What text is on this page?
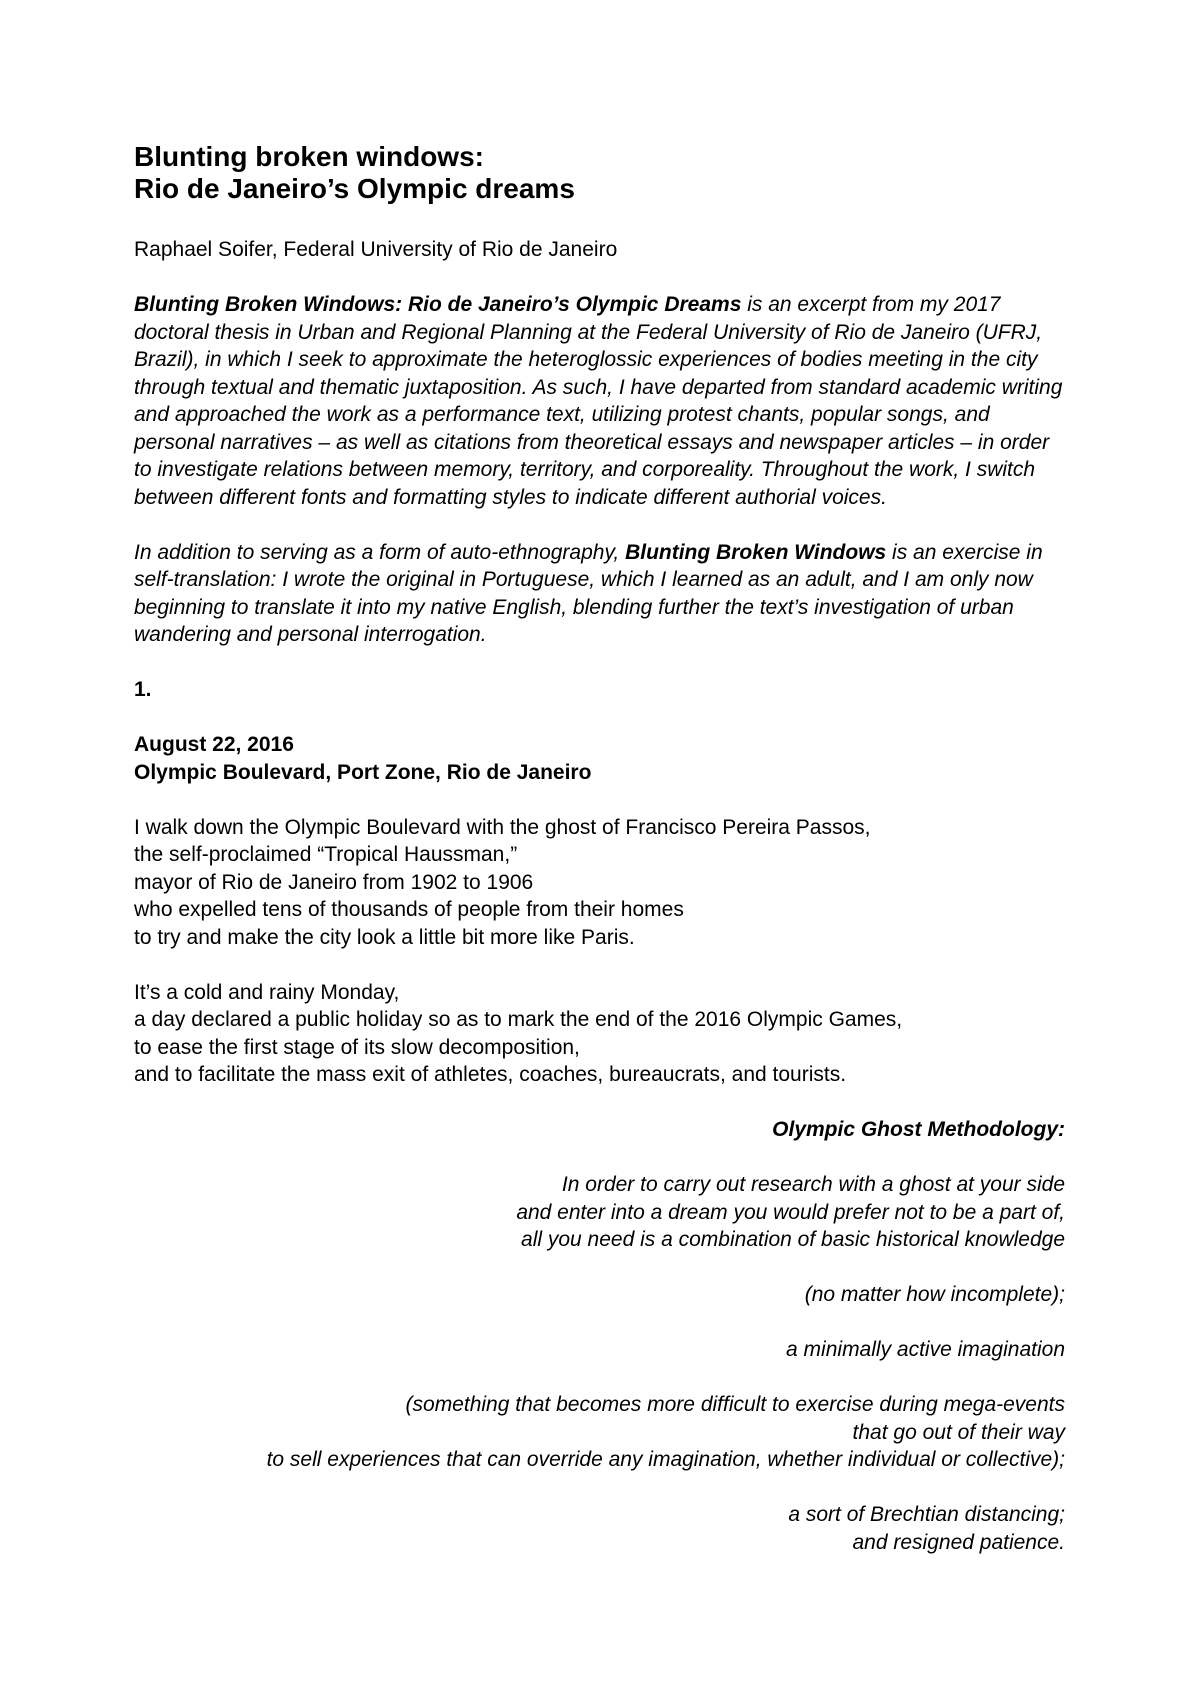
Blunting broken windows:
Rio de Janeiro’s Olympic dreams
Raphael Soifer, Federal University of Rio de Janeiro
Blunting Broken Windows: Rio de Janeiro’s Olympic Dreams is an excerpt from my 2017 doctoral thesis in Urban and Regional Planning at the Federal University of Rio de Janeiro (UFRJ, Brazil), in which I seek to approximate the heteroglossic experiences of bodies meeting in the city through textual and thematic juxtaposition. As such, I have departed from standard academic writing and approached the work as a performance text, utilizing protest chants, popular songs, and personal narratives – as well as citations from theoretical essays and newspaper articles – in order to investigate relations between memory, territory, and corporeality. Throughout the work, I switch between different fonts and formatting styles to indicate different authorial voices.
In addition to serving as a form of auto-ethnography, Blunting Broken Windows is an exercise in self-translation: I wrote the original in Portuguese, which I learned as an adult, and I am only now beginning to translate it into my native English, blending further the text’s investigation of urban wandering and personal interrogation.
1.
August 22, 2016
Olympic Boulevard, Port Zone, Rio de Janeiro
I walk down the Olympic Boulevard with the ghost of Francisco Pereira Passos,
the self-proclaimed “Tropical Haussman,”
mayor of Rio de Janeiro from 1902 to 1906
who expelled tens of thousands of people from their homes
to try and make the city look a little bit more like Paris.
It’s a cold and rainy Monday,
a day declared a public holiday so as to mark the end of the 2016 Olympic Games,
to ease the first stage of its slow decomposition,
and to facilitate the mass exit of athletes, coaches, bureaucrats, and tourists.
Olympic Ghost Methodology:
In order to carry out research with a ghost at your side
and enter into a dream you would prefer not to be a part of,
all you need is a combination of basic historical knowledge
(no matter how incomplete);
a minimally active imagination
(something that becomes more difficult to exercise during mega-events
that go out of their way
to sell experiences that can override any imagination, whether individual or collective);
a sort of Brechtian distancing;
and resigned patience.
